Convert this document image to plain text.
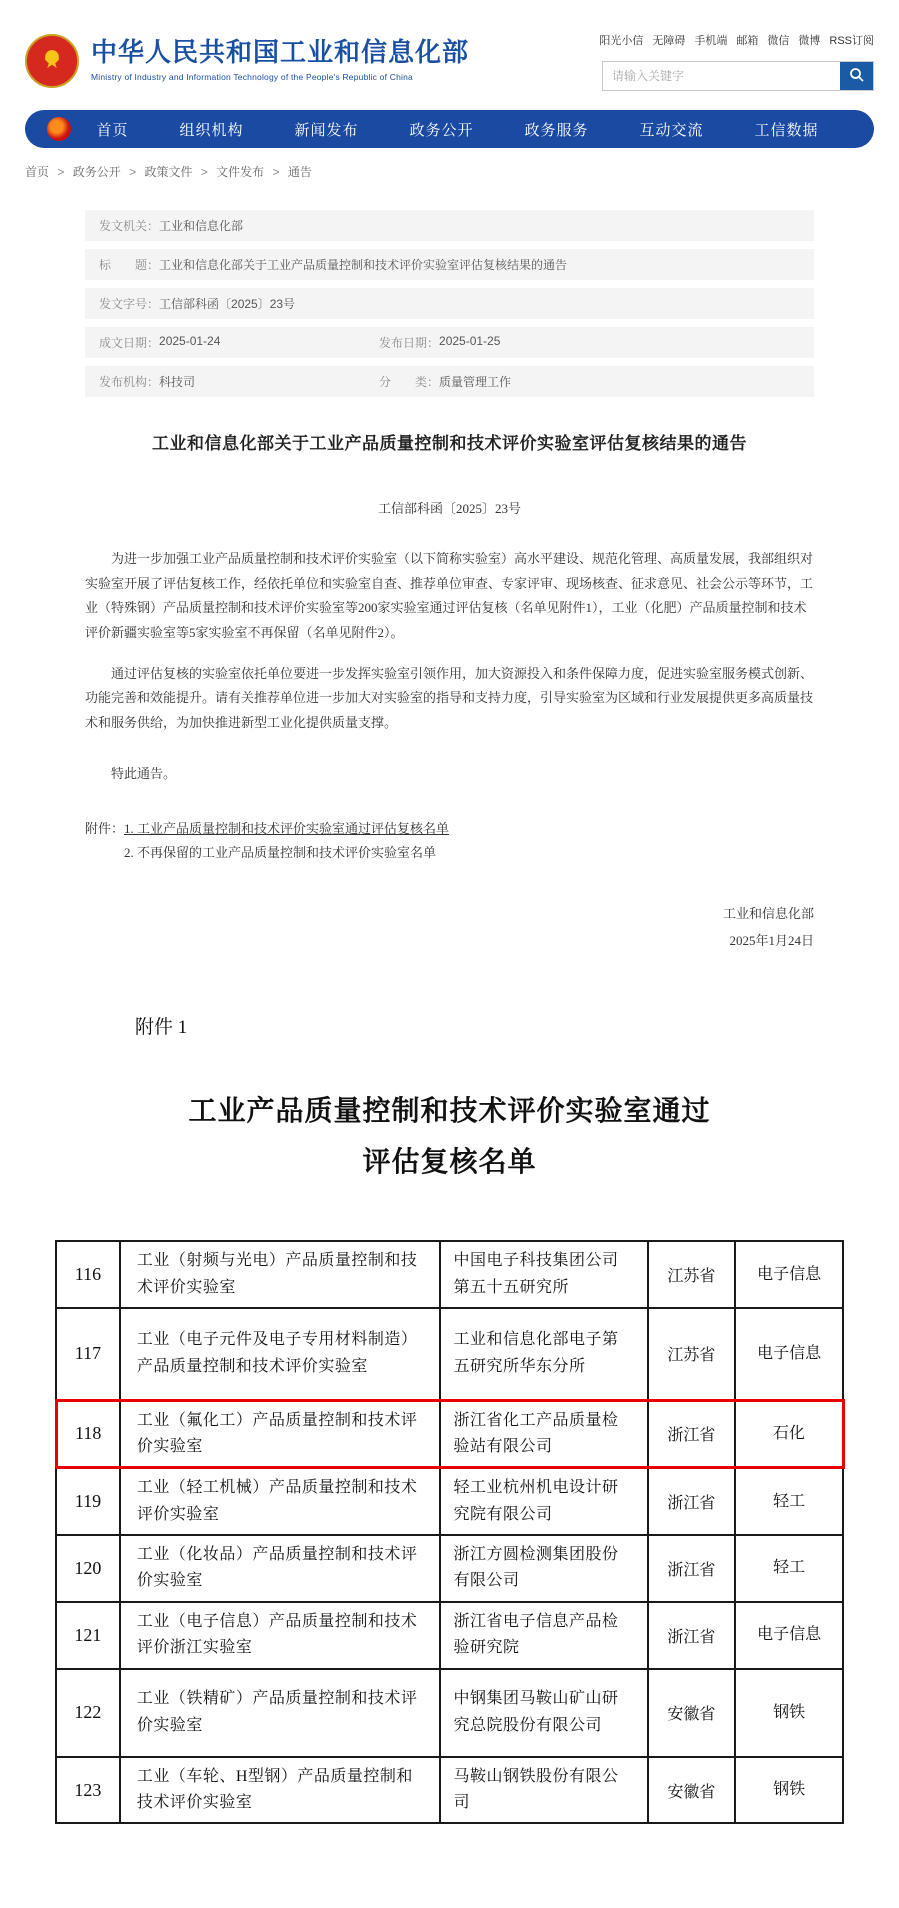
★	中华人民共和国工业和信息化部
Ministry of Industry and Information Technology of the People's Republic of China
阳光小信 无障碍 手机端 邮箱 微信 微博 RSS订阅
请输入关键字
首页	组织机构	新闻发布	政务公开	政务服务	互动交流	工信数据
首页 > 政务公开 > 政策文件 > 文件发布 > 通告
发文机关： 工业和信息化部
标　　题： 工业和信息化部关于工业产品质量控制和技术评价实验室评估复核结果的通告
发文字号： 工信部科函〔2025〕23号
成文日期： 2025-01-24	发布日期： 2025-01-25
发布机构： 科技司	分　　类： 质量管理工作
工业和信息化部关于工业产品质量控制和技术评价实验室评估复核结果的通告
工信部科函〔2025〕23号

为进一步加强工业产品质量控制和技术评价实验室（以下简称实验室）高水平建设、规范化管理、高质量发展，我部组织对实验室开展了评估复核工作，经依托单位和实验室自查、推荐单位审查、专家评审、现场核查、征求意见、社会公示等环节，工业（特殊钢）产品质量控制和技术评价实验室等200家实验室通过评估复核（名单见附件1），工业（化肥）产品质量控制和技术评价新疆实验室等5家实验室不再保留（名单见附件2）。

通过评估复核的实验室依托单位要进一步发挥实验室引领作用，加大资源投入和条件保障力度，促进实验室服务模式创新、功能完善和效能提升。请有关推荐单位进一步加大对实验室的指导和支持力度，引导实验室为区域和行业发展提供更多高质量技术和服务供给，为加快推进新型工业化提供质量支撑。

特此通告。

附件： 1. 工业产品质量控制和技术评价实验室通过评估复核名单
2. 不再保留的工业产品质量控制和技术评价实验室名单
工业和信息化部
2025年1月24日
附件 1
工业产品质量控制和技术评价实验室通过
评估复核名单
116	工业（射频与光电）产品质量控制和技术评价实验室	中国电子科技集团公司第五十五研究所	江苏省	电子信息
117	工业（电子元件及电子专用材料制造）产品质量控制和技术评价实验室	工业和信息化部电子第五研究所华东分所	江苏省	电子信息
118	工业（氟化工）产品质量控制和技术评价实验室	浙江省化工产品质量检验站有限公司	浙江省	石化
119	工业（轻工机械）产品质量控制和技术评价实验室	轻工业杭州机电设计研究院有限公司	浙江省	轻工
120	工业（化妆品）产品质量控制和技术评价实验室	浙江方圆检测集团股份有限公司	浙江省	轻工
121	工业（电子信息）产品质量控制和技术评价浙江实验室	浙江省电子信息产品检验研究院	浙江省	电子信息
122	工业（铁精矿）产品质量控制和技术评价实验室	中钢集团马鞍山矿山研究总院股份有限公司	安徽省	钢铁
123	工业（车轮、H型钢）产品质量控制和技术评价实验室	马鞍山钢铁股份有限公司	安徽省	钢铁
